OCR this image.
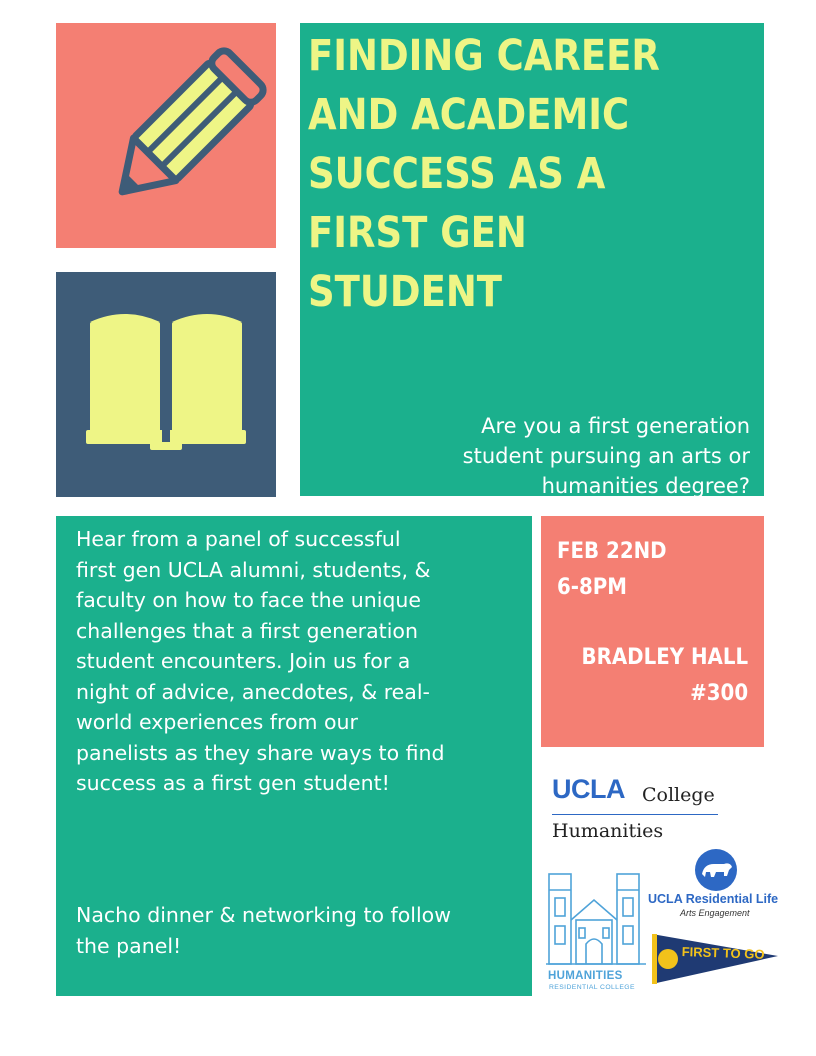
FINDING CAREER
AND ACADEMIC
SUCCESS AS A
FIRST GEN
STUDENT
Are you a first generation
student pursuing an arts or
humanities degree?
Hear from a panel of successful
first gen UCLA alumni, students, &
faculty on how to face the unique
challenges that a first generation
student encounters. Join us for a
night of advice, anecdotes, & real-
world experiences from our
panelists as they share ways to find
success as a first gen student!
Nacho dinner & networking to follow
the panel!
FEB 22ND
6-8PM
BRADLEY HALL
#300
UCLA College
Humanities
UCLA Residential Life
Arts Engagement
HUMANITIES
RESIDENTIAL COLLEGE
FIRST TO GO
